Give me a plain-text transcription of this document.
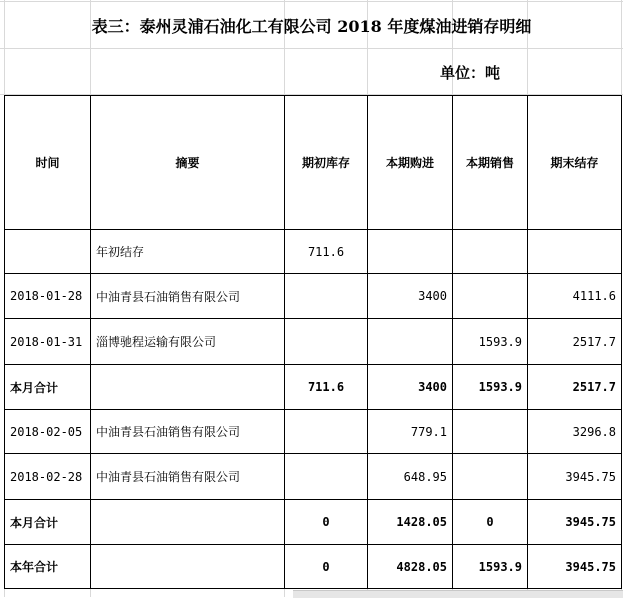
表三：泰州灵浦石油化工有限公司 2018 年度煤油进销存明细
单位：吨
时间	摘要	期初库存	本期购进	本期销售	期末结存
	年初结存	711.6			
2018-01-28	中油青县石油销售有限公司		3400		4111.6
2018-01-31	淄博驰程运输有限公司			1593.9	2517.7
本月合计		711.6	3400	1593.9	2517.7
2018-02-05	中油青县石油销售有限公司		779.1		3296.8
2018-02-28	中油青县石油销售有限公司		648.95		3945.75
本月合计		0	1428.05	0	3945.75
本年合计		0	4828.05	1593.9	3945.75
